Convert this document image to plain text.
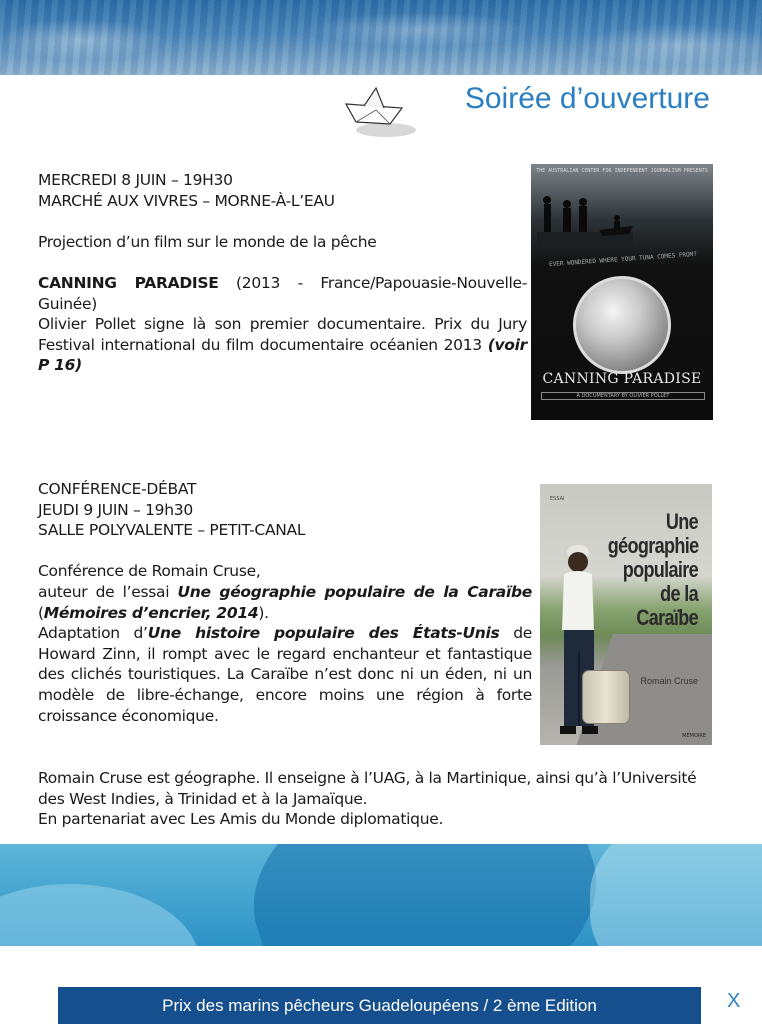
Soirée d’ouverture

MERCREDI 8 JUIN – 19H30

MARCHÉ AUX VIVRES – MORNE-À-L’EAU

Projection d’un film sur le monde de la pêche

CANNING PARADISE (2013 - France/Papouasie-Nouvelle-Guinée)

Olivier Pollet signe là son premier documentaire. Prix du Jury Festival international du film documentaire océanien 2013 (voir P 16)

THE AUSTRALIAN CENTER FOR INDEPENDENT JOURNALISM PRESENTS
EVER WONDERED WHERE YOUR TUNA COMES FROM?
CANNING PARADISE
A DOCUMENTARY BY OLIVIER POLLET

CONFÉRENCE-DÉBAT

JEUDI 9 JUIN – 19h30

SALLE POLYVALENTE – PETIT-CANAL

Conférence de Romain Cruse,

auteur de l’essai Une géographie populaire de la Caraïbe (Mémoires d’encrier, 2014).

Adaptation d’Une histoire populaire des États-Unis de Howard Zinn, il rompt avec le regard enchanteur et fantastique des clichés touristiques. La Caraïbe n’est donc ni un éden, ni un modèle de libre-échange, encore moins une région à forte croissance économique.

ESSAI
Une géographie populaire de la Caraïbe
Romain Cruse
MÉMOIRE

Romain Cruse est géographe. Il enseigne à l’UAG, à la Martinique, ainsi qu’à l’Université des West Indies, à Trinidad et à la Jamaïque.

En partenariat avec Les Amis du Monde diplomatique.

Prix des marins pêcheurs Guadeloupéens / 2 ème Edition	X
